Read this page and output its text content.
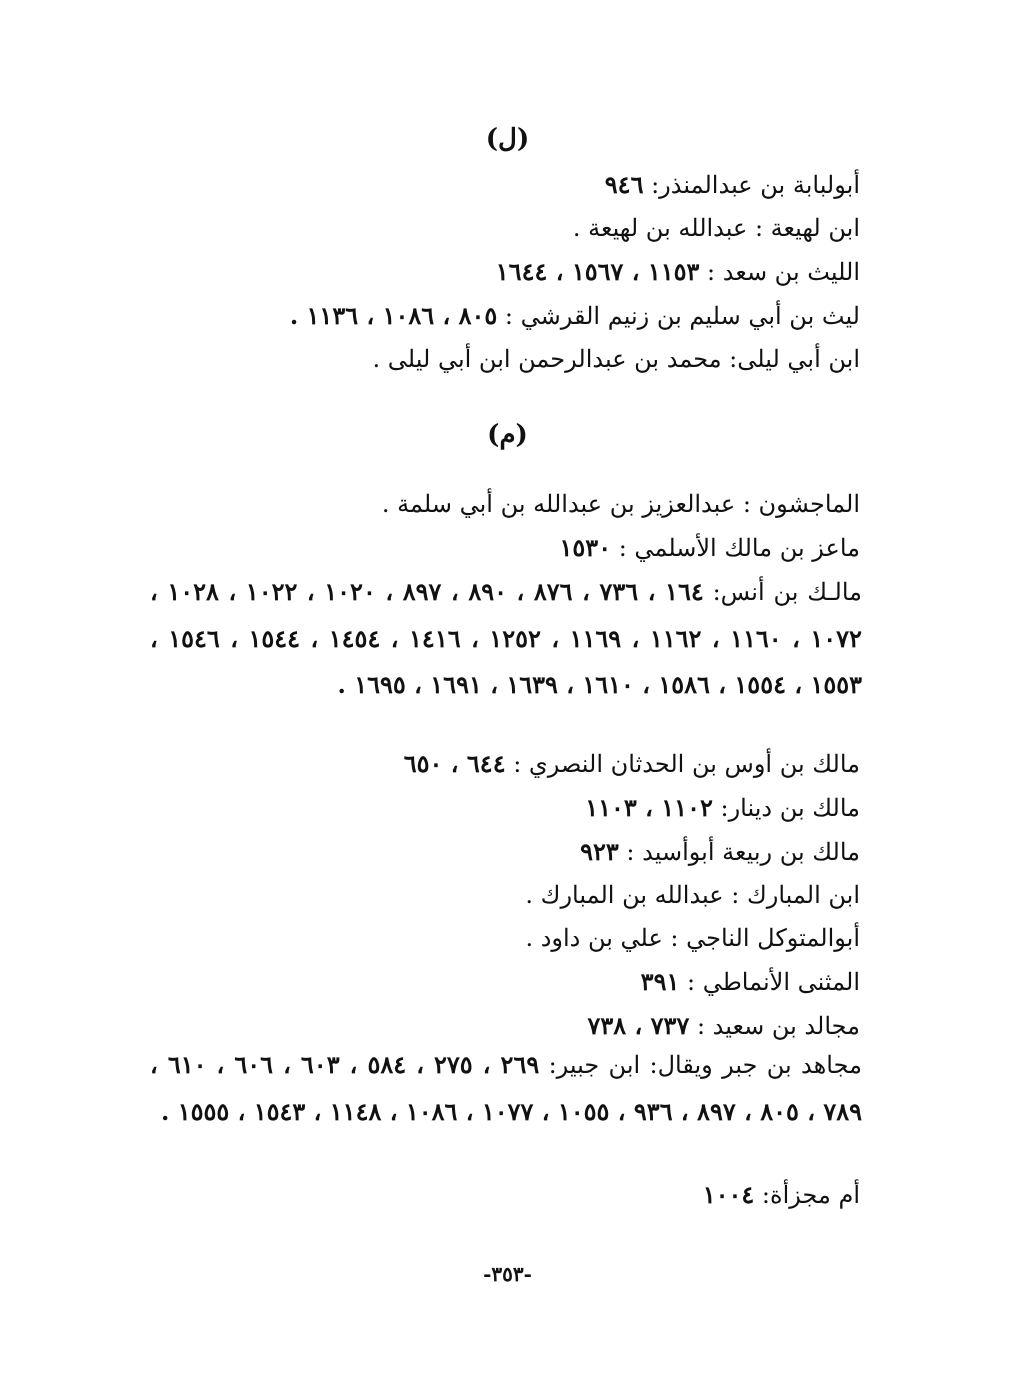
(ل)
أبولبابة بن عبدالمنذر: ٩٤٦
ابن لهيعة : عبدالله بن لهيعة .
الليث بن سعد : ١١٥٣ ، ١٥٦٧ ، ١٦٤٤
ليث بن أبي سليم بن زنيم القرشي : ٨٠٥ ، ١٠٨٦ ، ١١٣٦ .
ابن أبي ليلى: محمد بن عبدالرحمن ابن أبي ليلى .
(م)
الماجشون : عبدالعزيز بن عبدالله بن أبي سلمة .
ماعز بن مالك الأسلمي : ١٥٣٠
مالـك بن أنس: ١٦٤ ، ٧٣٦ ، ٨٧٦ ، ٨٩٠ ، ٨٩٧ ، ١٠٢٠ ، ١٠٢٢ ، ١٠٢٨ ، ١٠٧٢ ، ١١٦٠ ، ١١٦٢ ، ١١٦٩ ، ١٢٥٢ ، ١٤١٦ ، ١٤٥٤ ، ١٥٤٤ ، ١٥٤٦ ، ١٥٥٣ ، ١٥٥٤ ، ١٥٨٦ ، ١٦١٠ ، ١٦٣٩ ، ١٦٩١ ، ١٦٩٥ .
مالك بن أوس بن الحدثان النصري : ٦٤٤ ، ٦٥٠
مالك بن دينار: ١١٠٢ ، ١١٠٣
مالك بن ربيعة أبوأسيد : ٩٢٣
ابن المبارك : عبدالله بن المبارك .
أبوالمتوكل الناجي : علي بن داود .
المثنى الأنماطي : ٣٩١
مجالد بن سعيد : ٧٣٧ ، ٧٣٨
مجاهد بن جبر ويقال: ابن جبير: ٢٦٩ ، ٢٧٥ ، ٥٨٤ ، ٦٠٣ ، ٦٠٦ ، ٦١٠ ، ٧٨٩ ، ٨٠٥ ، ٨٩٧ ، ٩٣٦ ، ١٠٥٥ ، ١٠٧٧ ، ١٠٨٦ ، ١١٤٨ ، ١٥٤٣ ، ١٥٥٥ .
أم مجزأة: ١٠٠٤
-٣٥٣-
